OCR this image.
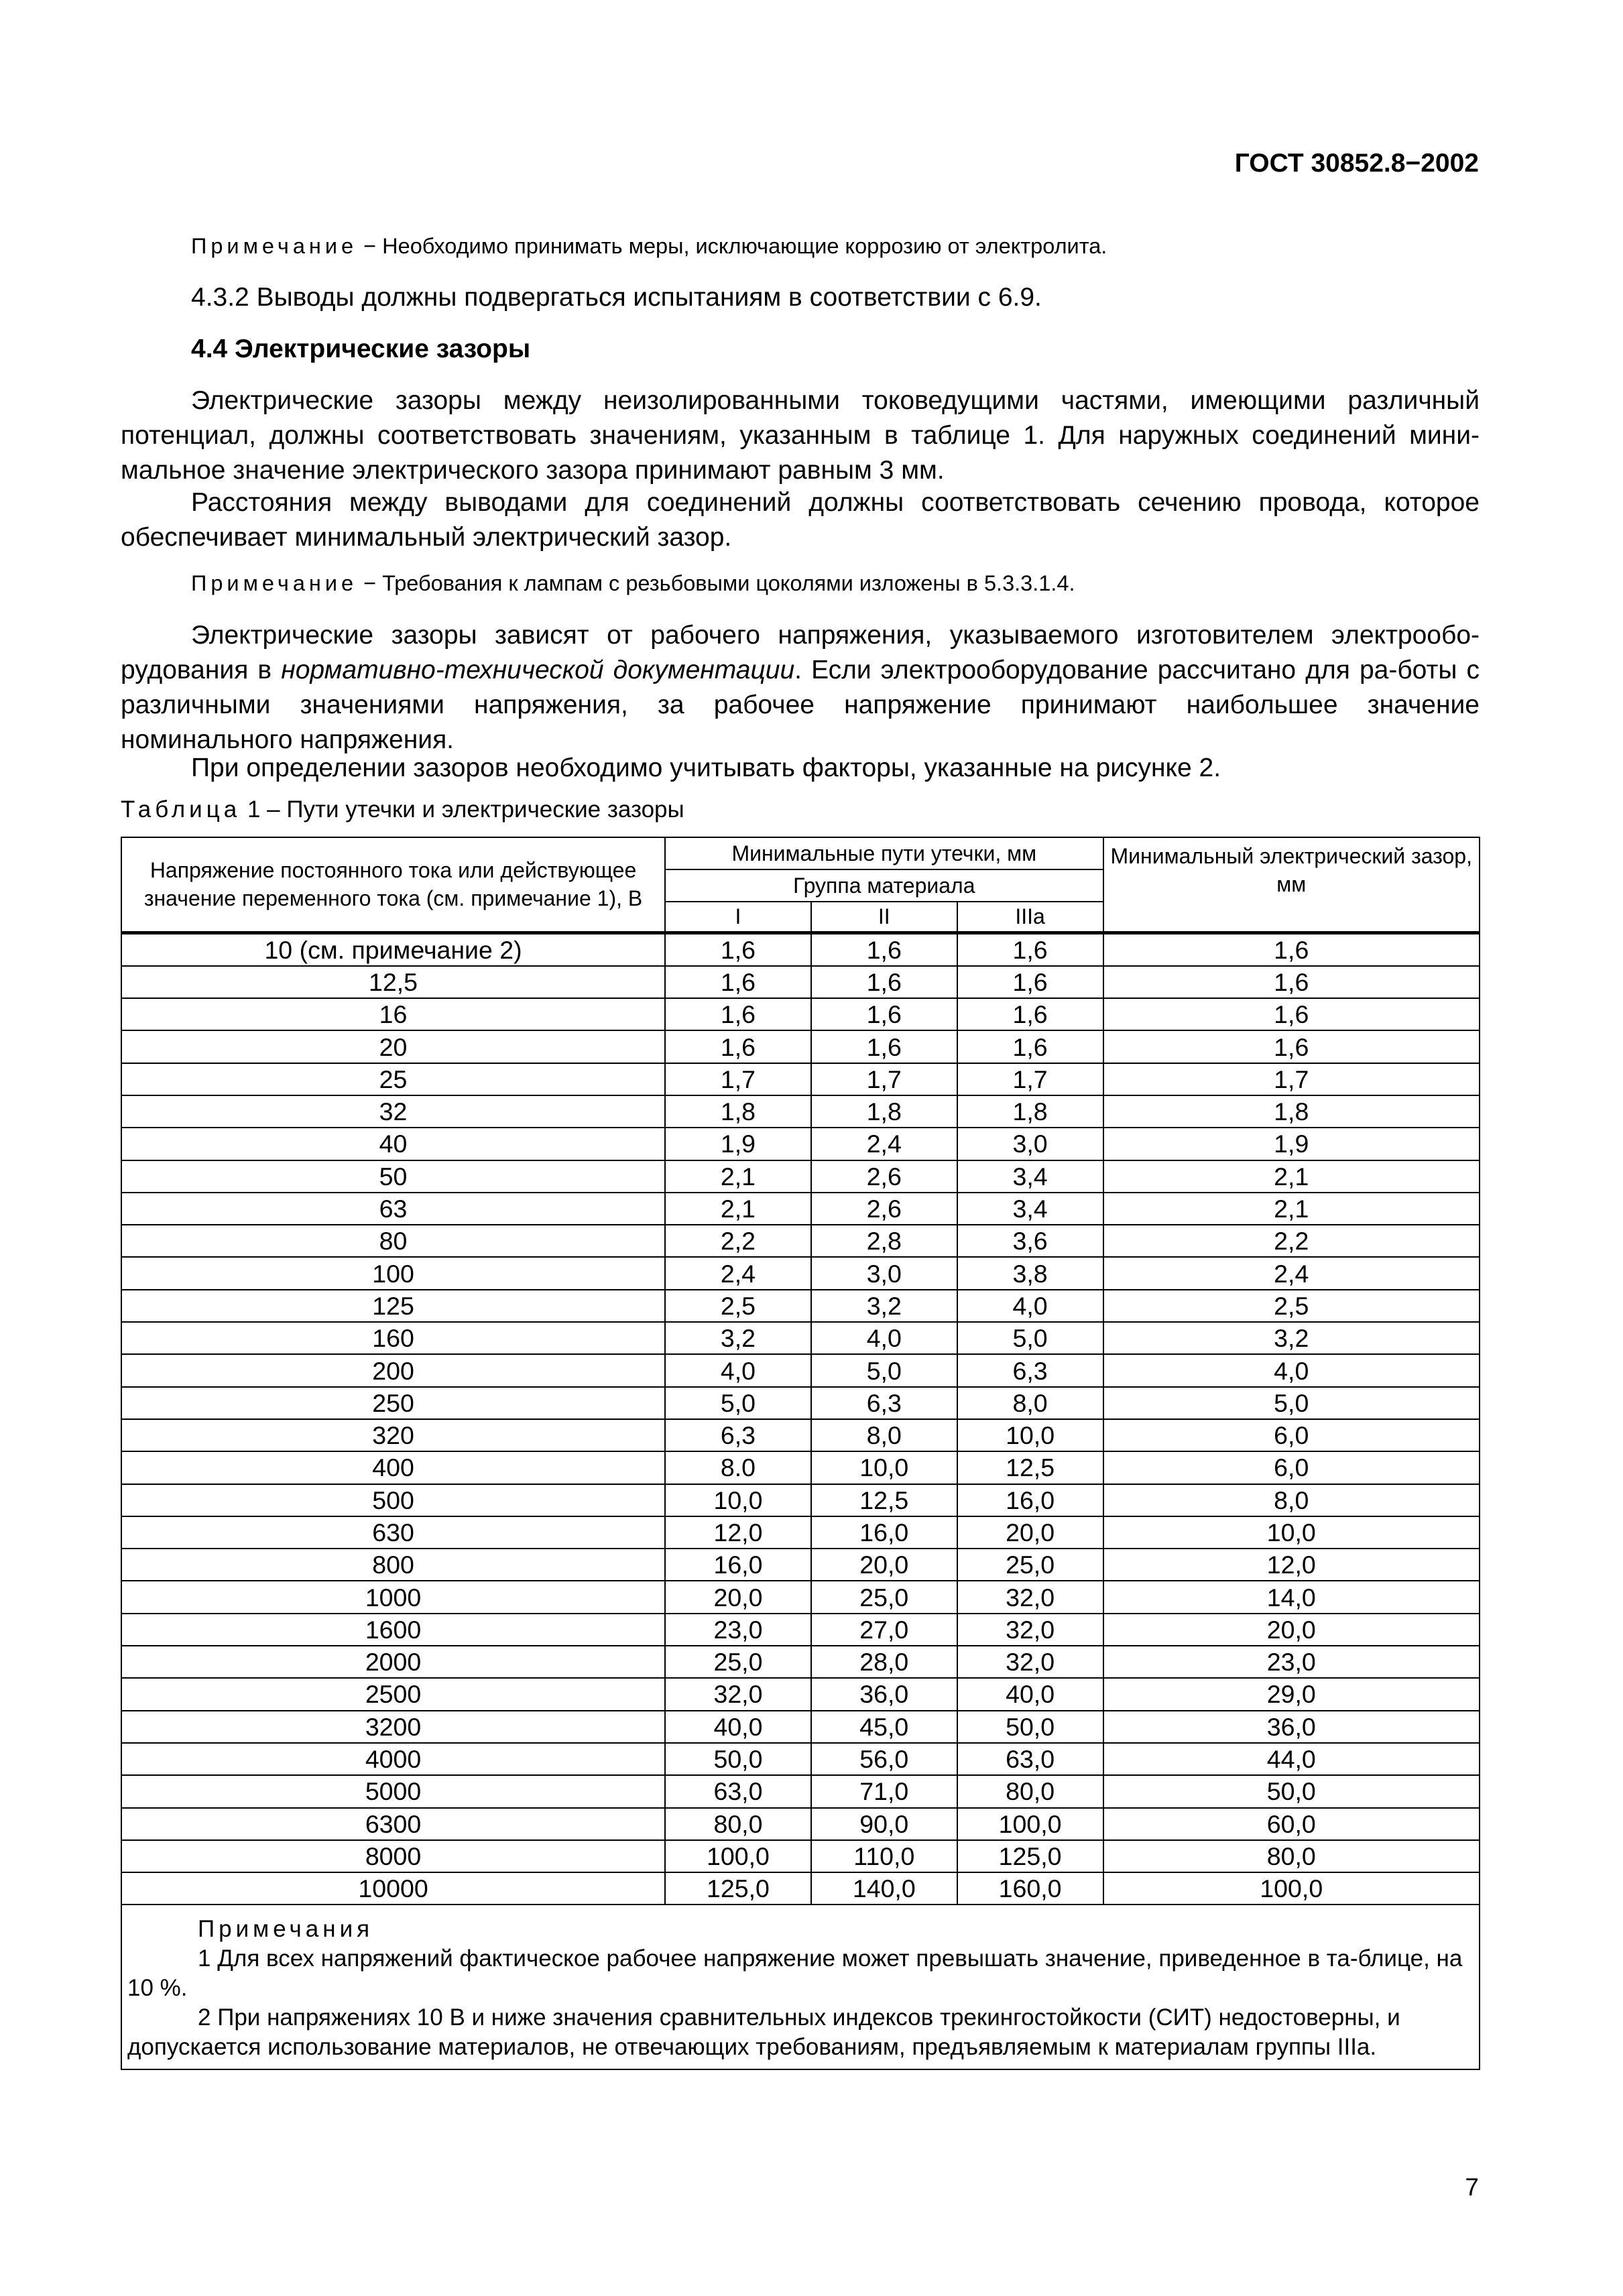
ГОСТ 30852.8−2002

Примечание − Необходимо принимать меры, исключающие коррозию от электролита.

4.3.2 Выводы должны подвергаться испытаниям в соответствии с 6.9.

4.4 Электрические зазоры

Электрические зазоры между неизолированными токоведущими частями, имеющими различный потенциал, должны соответствовать значениям, указанным в таблице 1. Для наружных соединений мини-мальное значение электрического зазора принимают равным 3 мм.

Расстояния между выводами для соединений должны соответствовать сечению провода, которое обеспечивает минимальный электрический зазор.

Примечание − Требования к лампам с резьбовыми цоколями изложены в 5.3.3.1.4.

Электрические зазоры зависят от рабочего напряжения, указываемого изготовителем электрообо-рудования в нормативно-технической документации. Если электрооборудование рассчитано для ра-боты с различными значениями напряжения, за рабочее напряжение принимают наибольшее значение номинального напряжения.

При определении зазоров необходимо учитывать факторы, указанные на рисунке 2.

Таблица 1 – Пути утечки и электрические зазоры
Напряжение постоянного тока или действующее значение переменного тока (см. примечание 1), В	Минимальные пути утечки, мм			Минимальный электрический зазор, мм
	Группа материала			
	I	II	IIIa	
10 (см. примечание 2)	1,6	1,6	1,6	1,6
12,5	1,6	1,6	1,6	1,6
16	1,6	1,6	1,6	1,6
20	1,6	1,6	1,6	1,6
25	1,7	1,7	1,7	1,7
32	1,8	1,8	1,8	1,8
40	1,9	2,4	3,0	1,9
50	2,1	2,6	3,4	2,1
63	2,1	2,6	3,4	2,1
80	2,2	2,8	3,6	2,2
100	2,4	3,0	3,8	2,4
125	2,5	3,2	4,0	2,5
160	3,2	4,0	5,0	3,2
200	4,0	5,0	6,3	4,0
250	5,0	6,3	8,0	5,0
320	6,3	8,0	10,0	6,0
400	8.0	10,0	12,5	6,0
500	10,0	12,5	16,0	8,0
630	12,0	16,0	20,0	10,0
800	16,0	20,0	25,0	12,0
1000	20,0	25,0	32,0	14,0
1600	23,0	27,0	32,0	20,0
2000	25,0	28,0	32,0	23,0
2500	32,0	36,0	40,0	29,0
3200	40,0	45,0	50,0	36,0
4000	50,0	56,0	63,0	44,0
5000	63,0	71,0	80,0	50,0
6300	80,0	90,0	100,0	60,0
8000	100,0	110,0	125,0	80,0
10000	125,0	140,0	160,0	100,0

Примечания
1 Для всех напряжений фактическое рабочее напряжение может превышать значение, приведенное в та-блице, на 10 %.
2 При напряжениях 10 В и ниже значения сравнительных индексов трекингостойкости (СИТ) недостоверны, и допускается использование материалов, не отвечающих требованиям, предъявляемым к материалам группы IIIa.				
7
